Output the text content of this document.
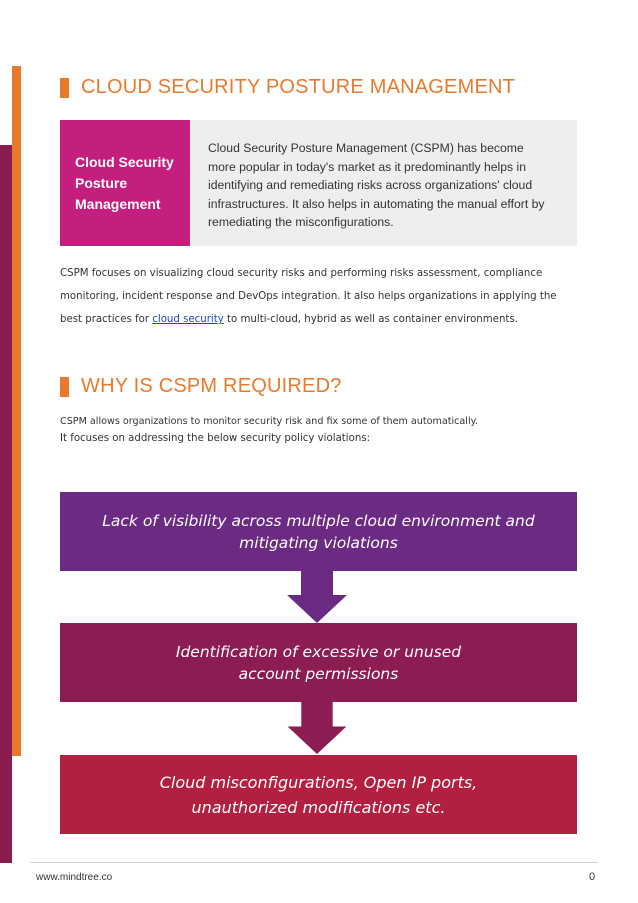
CLOUD SECURITY POSTURE MANAGEMENT
Cloud Security
Posture
Management
Cloud Security Posture Management (CSPM) has become
more popular in today's market as it predominantly helps in
identifying and remediating risks across organizations' cloud
infrastructures. It also helps in automating the manual effort by
remediating the misconfigurations.
CSPM focuses on visualizing cloud security risks and performing risks assessment, compliance
monitoring, incident response and DevOps integration. It also helps organizations in applying the
best practices for cloud security to multi-cloud, hybrid as well as container environments.
WHY IS CSPM REQUIRED?
CSPM allows organizations to monitor security risk and fix some of them automatically.
It focuses on addressing the below security policy violations:
Lack of visibility across multiple cloud environment and
mitigating violations
Identification of excessive or unused
account permissions
Cloud misconfigurations, Open IP ports,
unauthorized modifications etc.
www.mindtree.co	0
